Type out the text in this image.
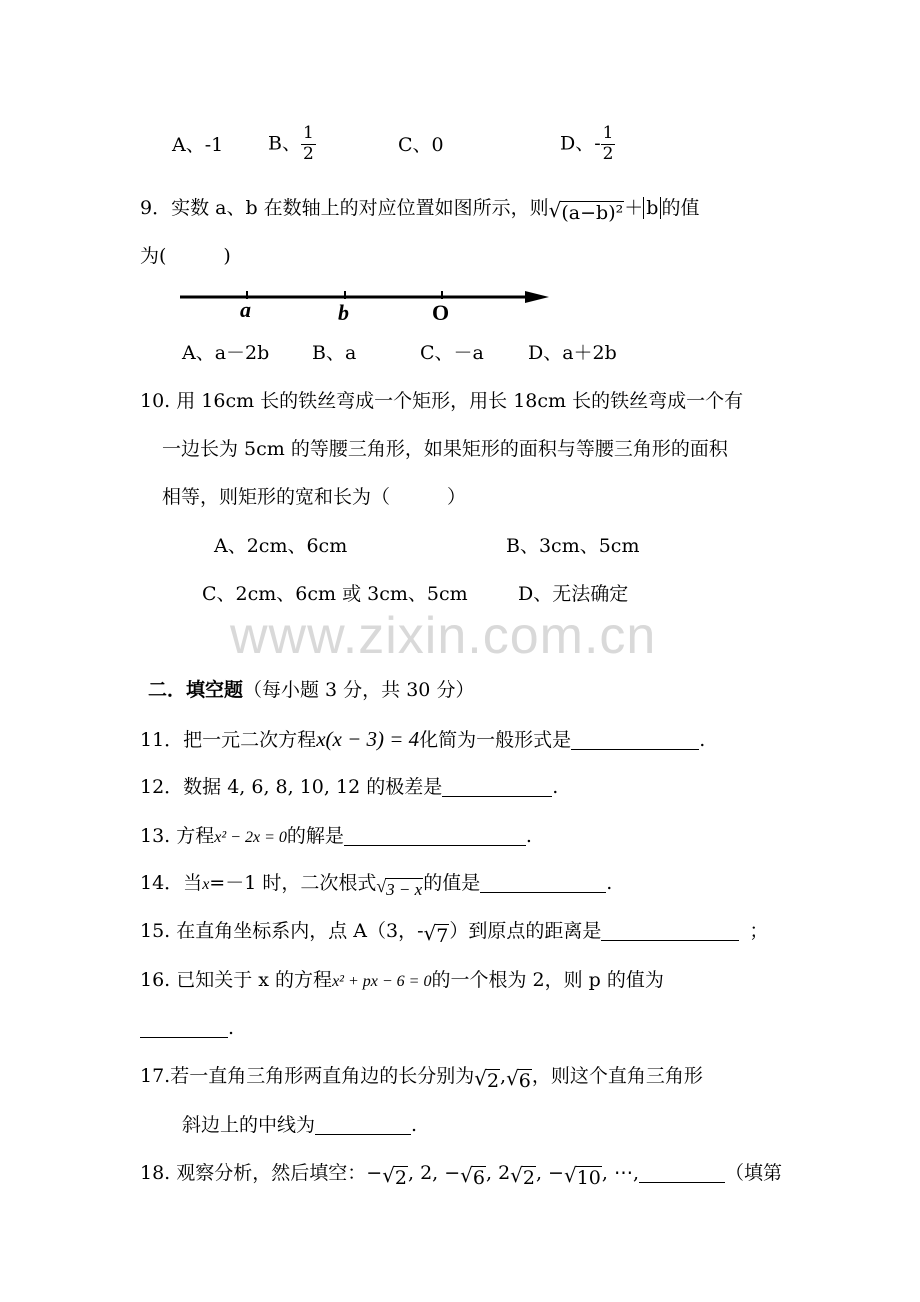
A、-1 B、 $\frac{1}{2}$	C、0	D、- $\frac{1}{2}$
9．实数 a、b 在数轴上的对应位置如图所示，则 √ (a−b)² ＋ b 的值
为(　　　)
a	b	O
A、a－2b B、a	C、－a D、a＋2b
10. 用 16cm 长的铁丝弯成一个矩形，用长 18cm 长的铁丝弯成一个有
一边长为 5cm 的等腰三角形，如果矩形的面积与等腰三角形的面积
相等，则矩形的宽和长为（　　　）
A、2cm、6cm	B、3cm、5cm
C、2cm、6cm 或 3cm、5cm	D、无法确定
www.zixin.com.cn
二．填空题（每小题 3 分，共 30 分）
11．把一元二次方程x(x − 3) = 4化简为一般形式是	.
12．数据 4, 6, 8, 10, 12 的极差是	.
13. 方程x² − 2x = 0的解是	.
14．当x=－1 时，二次根式 √ 3 − x 的值是	.
15. 在直角坐标系内，点 A（3，- √ 7 ）到原点的距离是	；
16. 已知关于 x 的方程x² + px − 6 = 0的一个根为 2，则 p 的值为
.
17.若一直角三角形两直角边的长分别为 √ 2 , √ 6 ，则这个直角三角形
斜边上的中线为	.
18. 观察分析，然后填空：− √ 2 , 2, − √ 6 , 2 √ 2 , − √ 10 , ⋯,	（填第
